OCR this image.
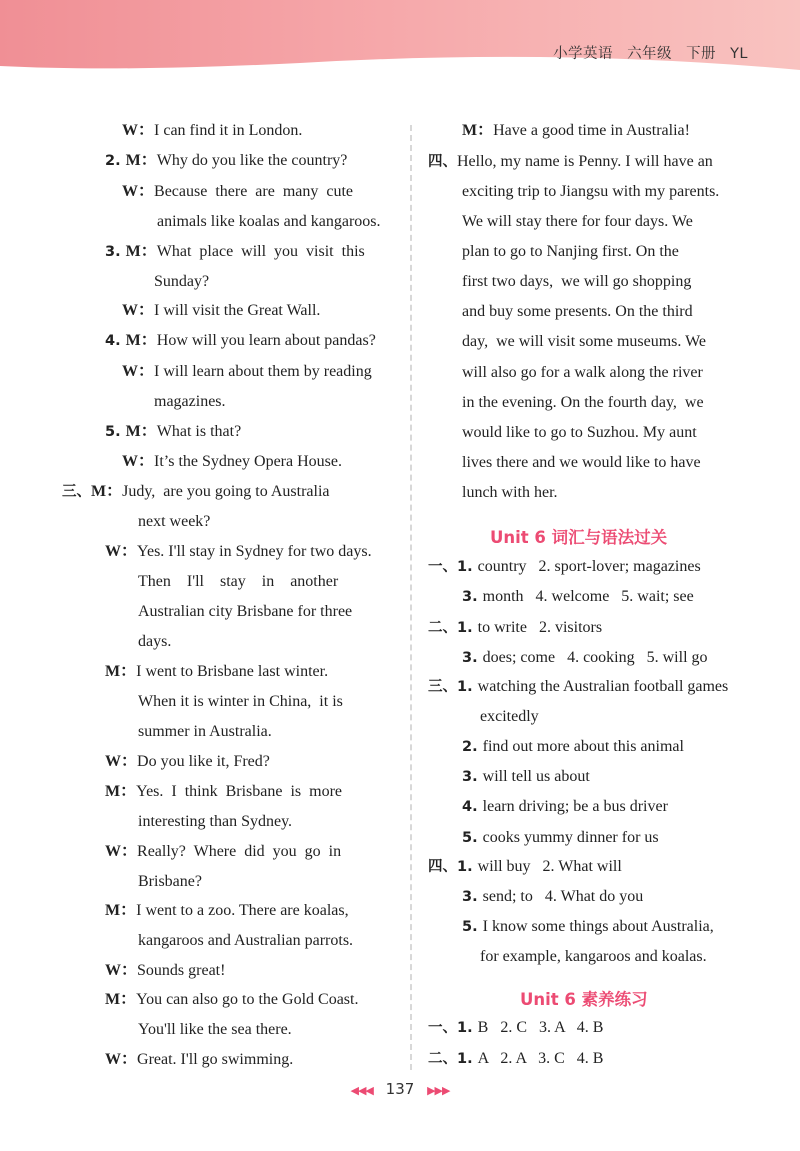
小学英语 六年级 下册 YL
W：I can find it in London.
2. M：Why do you like the country?
W：Because  there  are  many  cute
animals like koalas and kangaroos.
3. M：What  place  will  you  visit  this
Sunday?
W：I will visit the Great Wall.
4. M：How will you learn about pandas?
W：I will learn about them by reading
magazines.
5. M：What is that?
W：It’s the Sydney Opera House.
三、M：Judy,  are you going to Australia
next week?
W：Yes. I'll stay in Sydney for two days.
Then    I'll    stay    in    another
Australian city Brisbane for three
days.
M：I went to Brisbane last winter.
When it is winter in China,  it is
summer in Australia.
W：Do you like it, Fred?
M：Yes.  I  think  Brisbane  is  more
interesting than Sydney.
W：Really?  Where  did  you  go  in
Brisbane?
M：I went to a zoo. There are koalas,
kangaroos and Australian parrots.
W：Sounds great!
M：You can also go to the Gold Coast.
You'll like the sea there.
W：Great. I'll go swimming.
M：Have a good time in Australia!
四、Hello, my name is Penny. I will have an
exciting trip to Jiangsu with my parents.
We will stay there for four days. We
plan to go to Nanjing first. On the
first two days,  we will go shopping
and buy some presents. On the third
day,  we will visit some museums. We
will also go for a walk along the river
in the evening. On the fourth day,  we
would like to go to Suzhou. My aunt
lives there and we would like to have
lunch with her.
一、1. country   2. sport-lover; magazines
3. month   4. welcome   5. wait; see
二、1. to write   2. visitors
3. does; come   4. cooking   5. will go
三、1. watching the Australian football games
excitedly
2. find out more about this animal
3. will tell us about
4. learn driving; be a bus driver
5. cooks yummy dinner for us
四、1. will buy   2. What will
3. send; to   4. What do you
5. I know some things about Australia,
for example, kangaroos and koalas.
一、1. B   2. C   3. A   4. B
二、1. A   2. A   3. C   4. B
Unit 6 词汇与语法过关
Unit 6 素养练习
◀◀◀ 137 ▶▶▶
